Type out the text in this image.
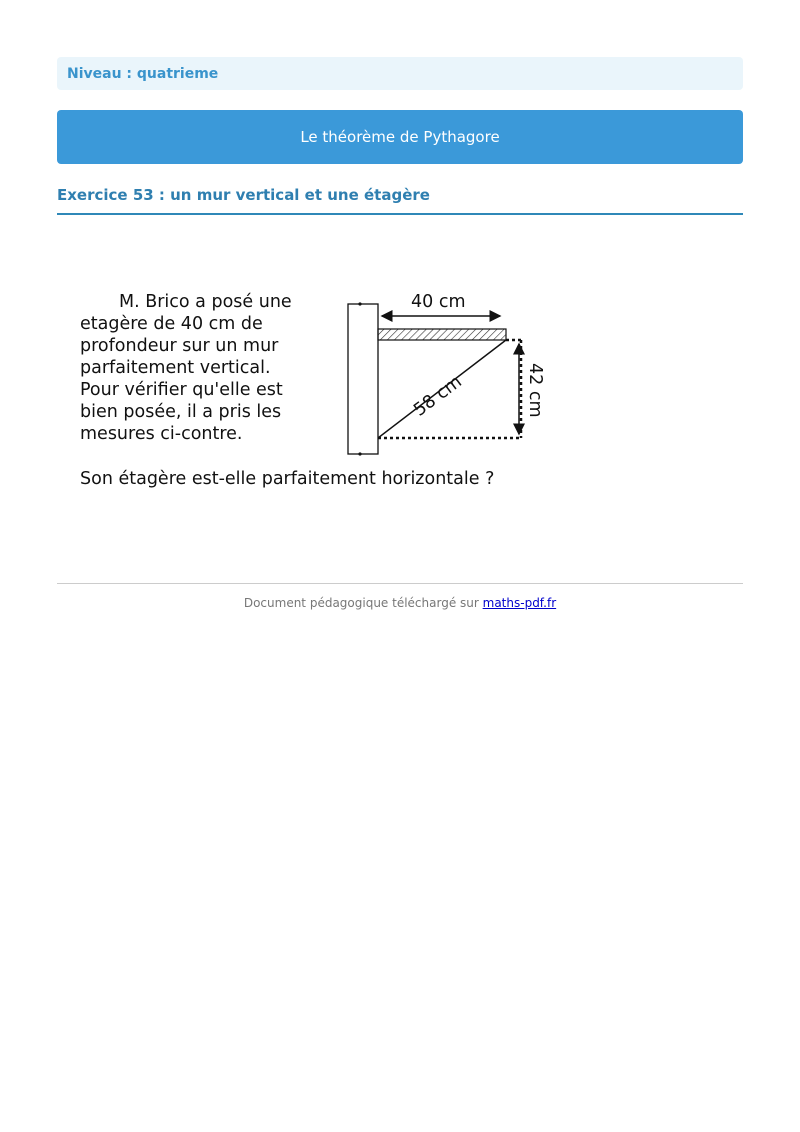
Niveau : quatrieme
Le théorème de Pythagore
Exercice 53 : un mur vertical et une étagère
M. Brico a posé une
etagère de 40 cm de
profondeur sur un mur
parfaitement vertical.
Pour vérifier qu'elle est
bien posée, il a pris les
mesures ci-contre.
Son étagère est-elle parfaitement horizontale ?
40 cm
58 cm	42 cm
Document pédagogique téléchargé sur maths-pdf.fr
